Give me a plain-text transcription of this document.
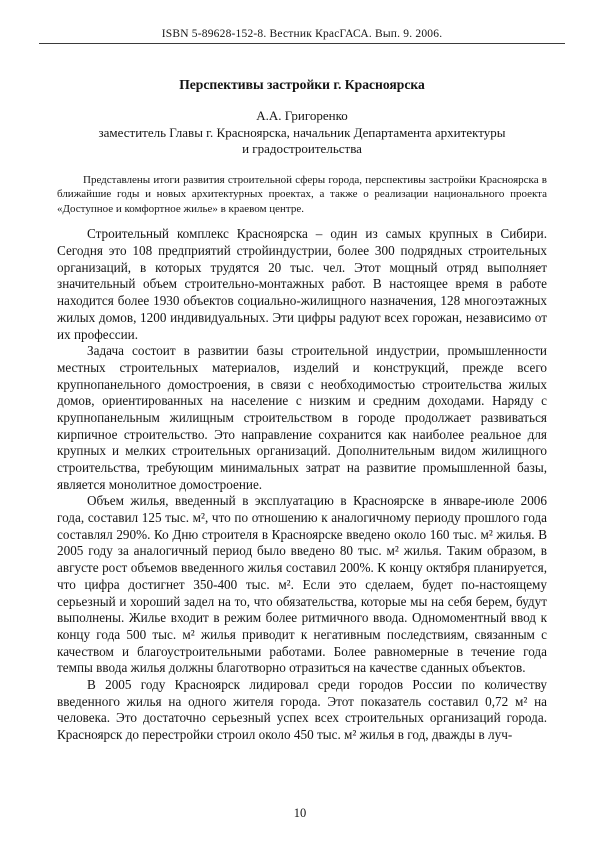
ISBN 5-89628-152-8. Вестник КрасГАСА. Вып. 9. 2006.
Перспективы застройки г. Красноярска
А.А. Григоренко
заместитель Главы г. Красноярска, начальник Департамента архитектуры
и градостроительства
Представлены итоги развития строительной сферы города, перспективы застройки Красноярска в ближайшие годы и новых архитектурных проектах, а также о реализации национального проекта «Доступное и комфортное жилье» в краевом центре.

Строительный комплекс Красноярска – один из самых крупных в Сибири. Сегодня это 108 предприятий стройиндустрии, более 300 подрядных строительных организаций, в которых трудятся 20 тыс. чел. Этот мощный отряд выполняет значительный объем строительно-монтажных работ. В настоящее время в работе находится более 1930 объектов социально-жилищного назначения, 128 многоэтажных жилых домов, 1200 индивидуальных. Эти цифры радуют всех горожан, независимо от их профессии.

Задача состоит в развитии базы строительной индустрии, промышленности местных строительных материалов, изделий и конструкций, прежде всего крупнопанельного домостроения, в связи с необходимостью строительства жилых домов, ориентированных на население с низким и средним доходами. Наряду с крупнопанельным жилищным строительством в городе продолжает развиваться кирпичное строительство. Это направление сохранится как наиболее реальное для крупных и мелких строительных организаций. Дополнительным видом жилищного строительства, требующим минимальных затрат на развитие промышленной базы, является монолитное домостроение.

Объем жилья, введенный в эксплуатацию в Красноярске в январе-июле 2006 года, составил 125 тыс. м², что по отношению к аналогичному периоду прошлого года составлял 290%. Ко Дню строителя в Красноярске введено около 160 тыс. м² жилья. В 2005 году за аналогичный период было введено 80 тыс. м² жилья. Таким образом, в августе рост объемов введенного жилья составил 200%. К концу октября планируется, что цифра достигнет 350-400 тыс. м². Если это сделаем, будет по-настоящему серьезный и хороший задел на то, что обязательства, которые мы на себя берем, будут выполнены. Жилье входит в режим более ритмичного ввода. Одномоментный ввод к концу года 500 тыс. м² жилья приводит к негативным последствиям, связанным с качеством и благоустроительными работами. Более равномерные в течение года темпы ввода жилья должны благотворно отразиться на качестве сданных объектов.

В 2005 году Красноярск лидировал среди городов России по количеству введенного жилья на одного жителя города. Этот показатель составил 0,72 м² на человека. Это достаточно серьезный успех всех строительных организаций города. Красноярск до перестройки строил около 450 тыс. м² жилья в год, дважды в луч-

10
